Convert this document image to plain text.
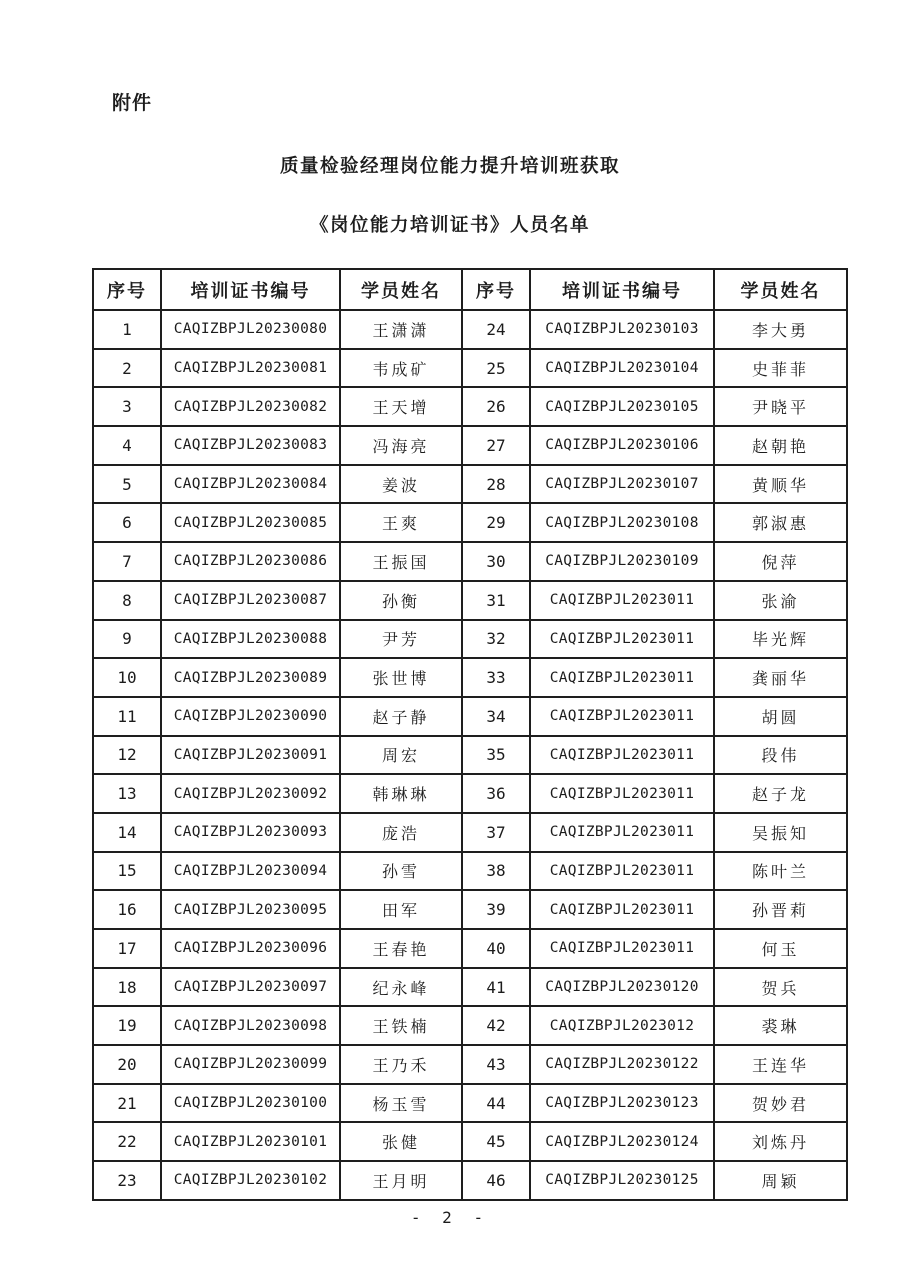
附件
质量检验经理岗位能力提升培训班获取
《岗位能力培训证书》人员名单
序号	培训证书编号	学员姓名	序号	培训证书编号	学员姓名
1	CAQIZBPJL20230080	王潇潇	24	CAQIZBPJL20230103	李大勇
2	CAQIZBPJL20230081	韦成矿	25	CAQIZBPJL20230104	史菲菲
3	CAQIZBPJL20230082	王天增	26	CAQIZBPJL20230105	尹晓平
4	CAQIZBPJL20230083	冯海亮	27	CAQIZBPJL20230106	赵朝艳
5	CAQIZBPJL20230084	姜波	28	CAQIZBPJL20230107	黄顺华
6	CAQIZBPJL20230085	王爽	29	CAQIZBPJL20230108	郭淑惠
7	CAQIZBPJL20230086	王振国	30	CAQIZBPJL20230109	倪萍
8	CAQIZBPJL20230087	孙衡	31	CAQIZBPJL2023011	张渝
9	CAQIZBPJL20230088	尹芳	32	CAQIZBPJL2023011	毕光辉
10	CAQIZBPJL20230089	张世博	33	CAQIZBPJL2023011	龚丽华
11	CAQIZBPJL20230090	赵子静	34	CAQIZBPJL2023011	胡圆
12	CAQIZBPJL20230091	周宏	35	CAQIZBPJL2023011	段伟
13	CAQIZBPJL20230092	韩琳琳	36	CAQIZBPJL2023011	赵子龙
14	CAQIZBPJL20230093	庞浩	37	CAQIZBPJL2023011	吴振知
15	CAQIZBPJL20230094	孙雪	38	CAQIZBPJL2023011	陈叶兰
16	CAQIZBPJL20230095	田军	39	CAQIZBPJL2023011	孙晋莉
17	CAQIZBPJL20230096	王春艳	40	CAQIZBPJL2023011	何玉
18	CAQIZBPJL20230097	纪永峰	41	CAQIZBPJL20230120	贺兵
19	CAQIZBPJL20230098	王铁楠	42	CAQIZBPJL2023012	裘琳
20	CAQIZBPJL20230099	王乃禾	43	CAQIZBPJL20230122	王连华
21	CAQIZBPJL20230100	杨玉雪	44	CAQIZBPJL20230123	贺妙君
22	CAQIZBPJL20230101	张健	45	CAQIZBPJL20230124	刘炼丹
23	CAQIZBPJL20230102	王月明	46	CAQIZBPJL20230125	周颖
- 2 -
